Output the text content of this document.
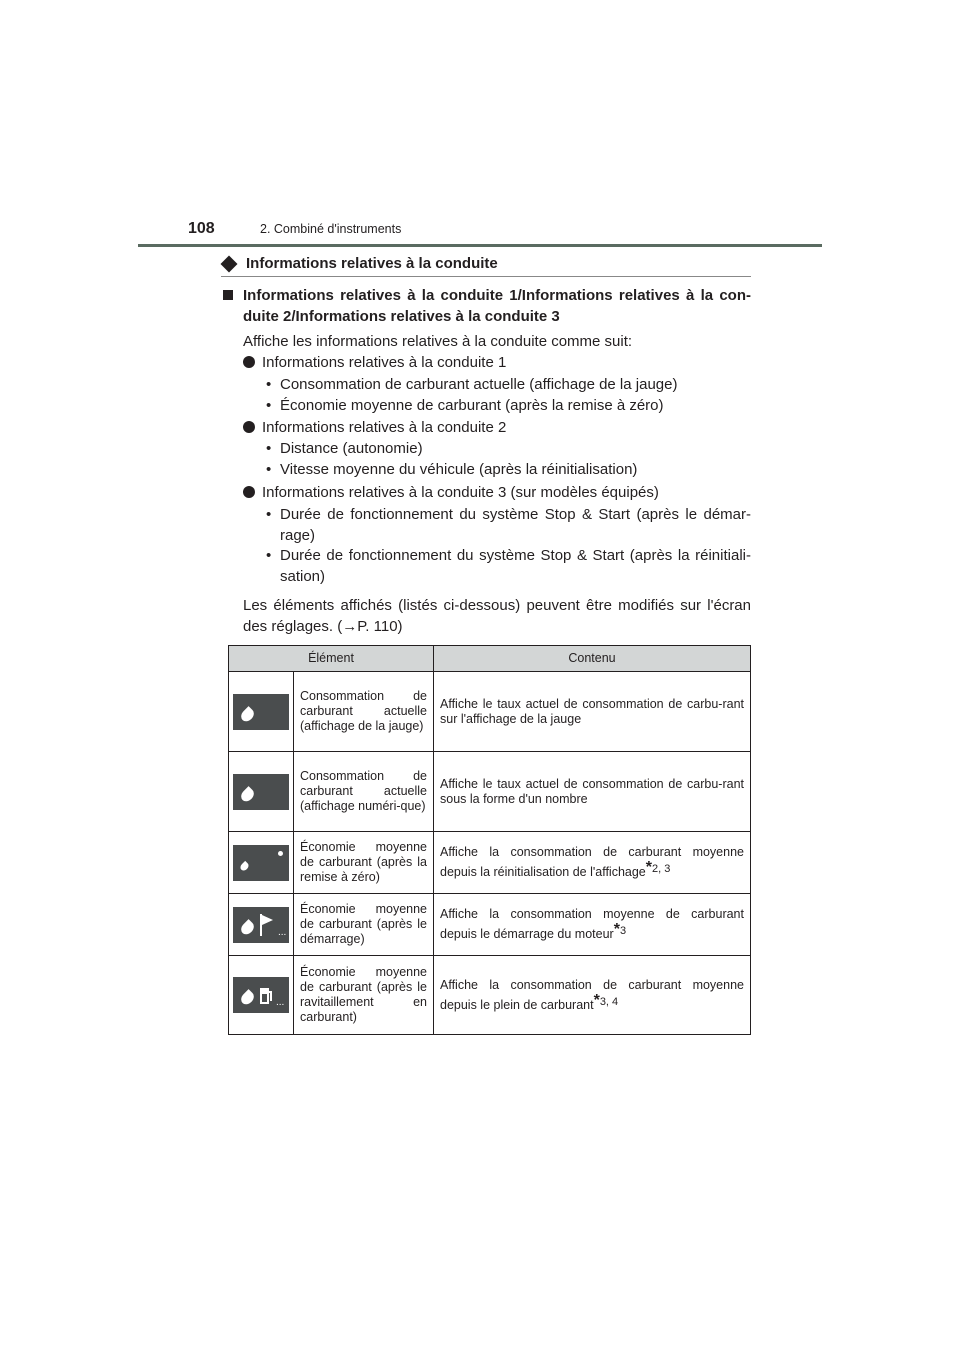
108	2. Combiné d'instruments
Informations relatives à la conduite
Informations relatives à la conduite 1/Informations relatives à la con-duite 2/Informations relatives à la conduite 3
Affiche les informations relatives à la conduite comme suit:
Informations relatives à la conduite 1
• Consommation de carburant actuelle (affichage de la jauge)
• Économie moyenne de carburant (après la remise à zéro)
Informations relatives à la conduite 2
• Distance (autonomie)
• Vitesse moyenne du véhicule (après la réinitialisation)
Informations relatives à la conduite 3 (sur modèles équipés)
• Durée de fonctionnement du système Stop & Start (après le démar-rage)
• Durée de fonctionnement du système Stop & Start (après la réinitiali-sation)
Les éléments affichés (listés ci-dessous) peuvent être modifiés sur l'écran des réglages. (→P. 110)
Élément		Contenu

	Consommation de carburant actuelle (affichage de la jauge)	Affiche le taux actuel de consommation de carbu-rant sur l'affichage de la jauge

	Consommation de carburant actuelle (affichage numéri-que)	Affiche le taux actuel de consommation de carbu-rant sous la forme d'un nombre

	Économie moyenne de carburant (après la remise à zéro)	Affiche la consommation de carburant moyenne depuis la réinitialisation de l'affichage$^{*2, 3}$

...	Économie moyenne de carburant (après le démarrage)	Affiche la consommation moyenne de carburant depuis le démarrage du moteur$^{*3}$

...	Économie moyenne de carburant (après le ravitaillement en carburant)	Affiche la consommation de carburant moyenne depuis le plein de carburant$^{*3, 4}$
